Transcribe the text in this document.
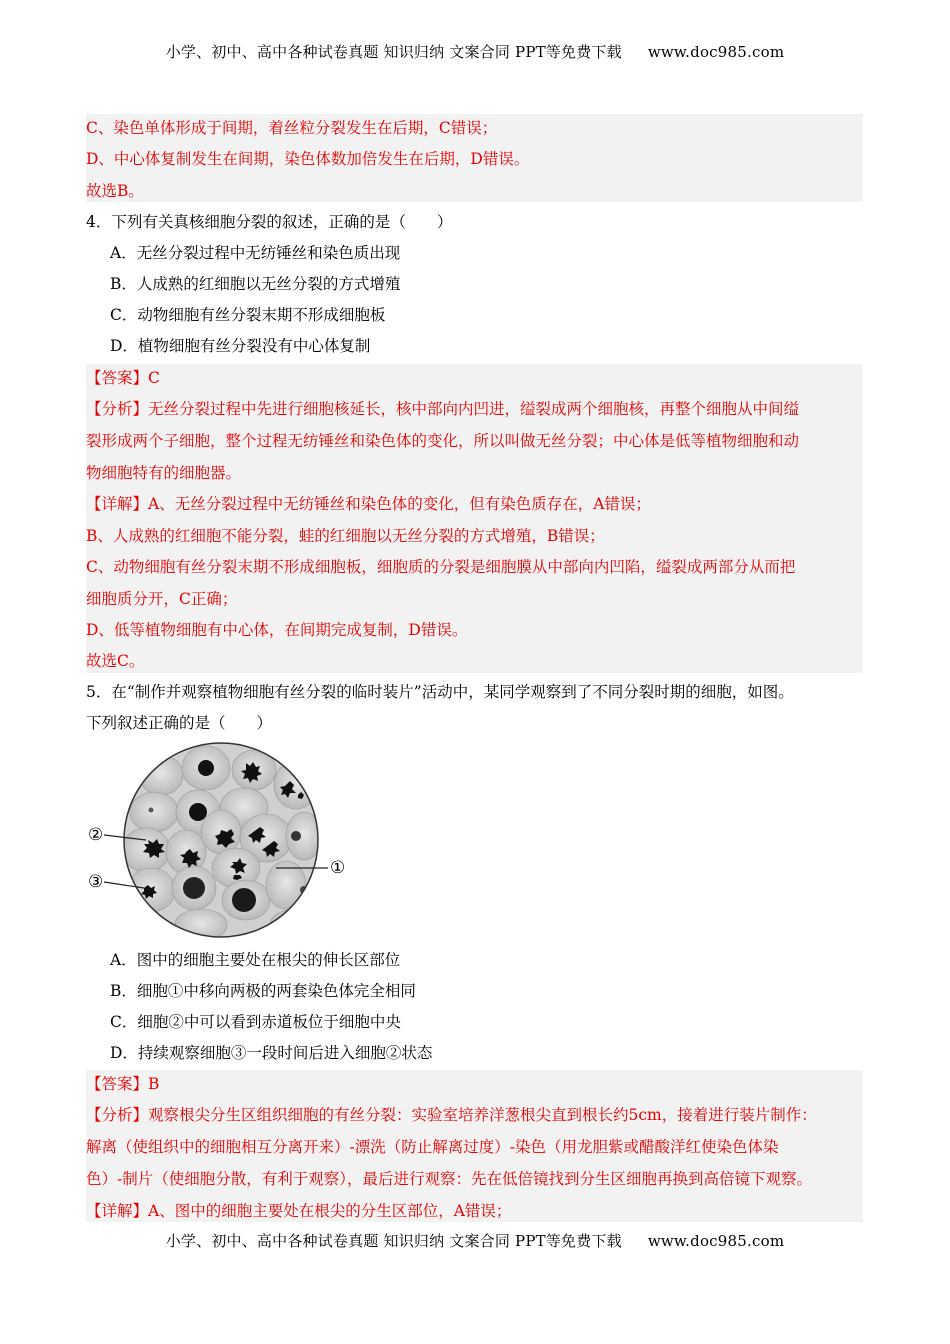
小学、初中、高中各种试卷真题 知识归纳 文案合同 PPT等免费下载 www.doc985.com
C、染色单体形成于间期，着丝粒分裂发生在后期，C错误；
D、中心体复制发生在间期，染色体数加倍发生在后期，D错误。
故选B。
4．下列有关真核细胞分裂的叙述，正确的是（　　）
A．无丝分裂过程中无纺锤丝和染色质出现
B．人成熟的红细胞以无丝分裂的方式增殖
C．动物细胞有丝分裂末期不形成细胞板
D．植物细胞有丝分裂没有中心体复制
【答案】C
【分析】无丝分裂过程中先进行细胞核延长，核中部向内凹进，缢裂成两个细胞核，再整个细胞从中间缢
裂形成两个子细胞，整个过程无纺锤丝和染色体的变化，所以叫做无丝分裂；中心体是低等植物细胞和动
物细胞特有的细胞器。
【详解】A、无丝分裂过程中无纺锤丝和染色体的变化，但有染色质存在，A错误；
B、人成熟的红细胞不能分裂，蛙的红细胞以无丝分裂的方式增殖，B错误；
C、动物细胞有丝分裂末期不形成细胞板，细胞质的分裂是细胞膜从中部向内凹陷，缢裂成两部分从而把
细胞质分开，C正确；
D、低等植物细胞有中心体，在间期完成复制，D错误。
故选C。
5．在“制作并观察植物细胞有丝分裂的临时装片”活动中，某同学观察到了不同分裂时期的细胞，如图。
下列叙述正确的是（　　）
②
③
①
A．图中的细胞主要处在根尖的伸长区部位
B．细胞①中移向两极的两套染色体完全相同
C．细胞②中可以看到赤道板位于细胞中央
D．持续观察细胞③一段时间后进入细胞②状态
【答案】B
【分析】观察根尖分生区组织细胞的有丝分裂：实验室培养洋葱根尖直到根长约5cm，接着进行装片制作：
解离（使组织中的细胞相互分离开来）-漂洗（防止解离过度）-染色（用龙胆紫或醋酸洋红使染色体染
色）-制片（使细胞分散，有利于观察），最后进行观察：先在低倍镜找到分生区细胞再换到高倍镜下观察。
【详解】A、图中的细胞主要处在根尖的分生区部位，A错误；
小学、初中、高中各种试卷真题 知识归纳 文案合同 PPT等免费下载 www.doc985.com
